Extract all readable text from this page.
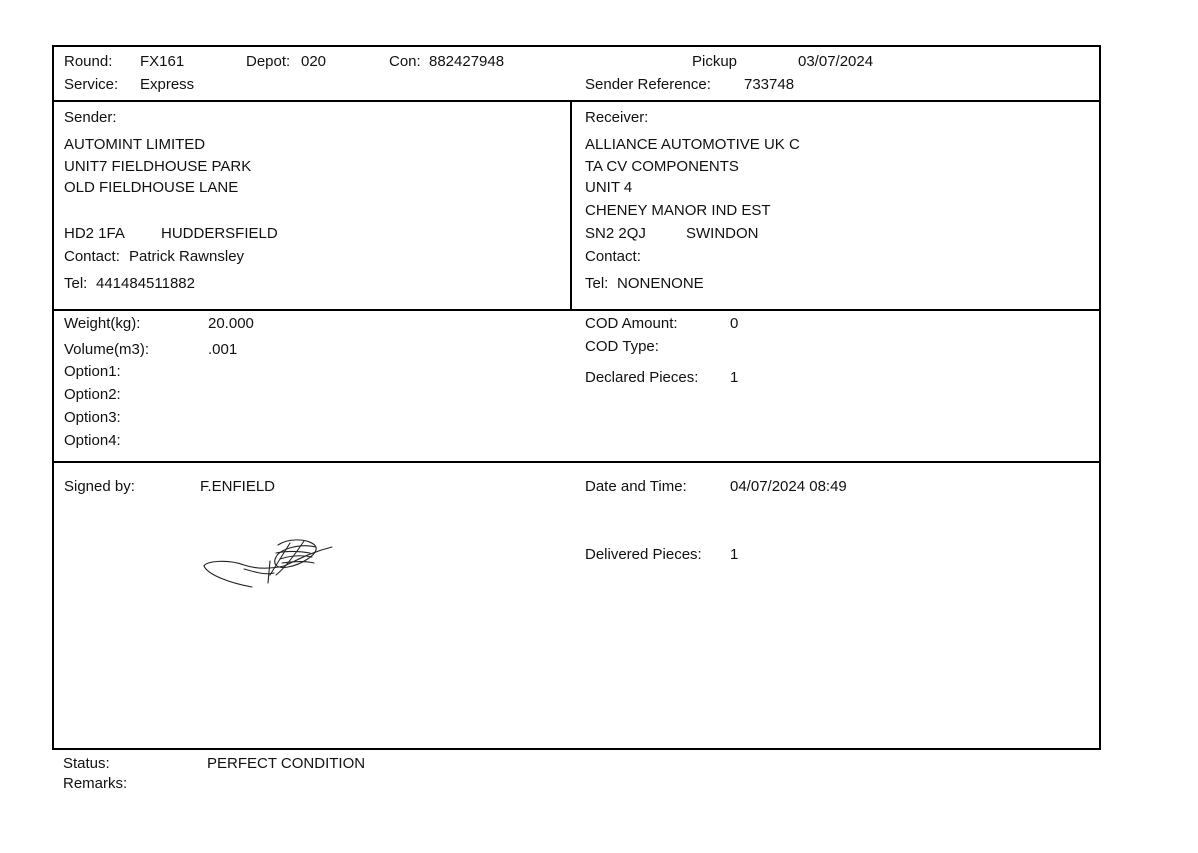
Round: FX161	Depot: 020	Con: 882427948	Pickup	03/07/2024
Service: Express	Sender Reference: 733748
Sender:
AUTOMINT LIMITED
UNIT7 FIELDHOUSE PARK
OLD FIELDHOUSE LANE
HD2 1FA HUDDERSFIELD
Contact: Patrick Rawnsley
Tel: 441484511882
Receiver:
ALLIANCE AUTOMOTIVE UK C
TA CV COMPONENTS
UNIT 4
CHENEY MANOR IND EST
SN2 2QJ	SWINDON
Contact:
Tel: NONENONE
Weight(kg):	20.000
Volume(m3):	.001
Option1:
Option2:
Option3:
Option4:
COD Amount:	0
COD Type:
Declared Pieces: 1
Signed by:	F.ENFIELD	Date and Time:	04/07/2024 08:49
Delivered Pieces: 1
Status:	PERFECT CONDITION
Remarks:
